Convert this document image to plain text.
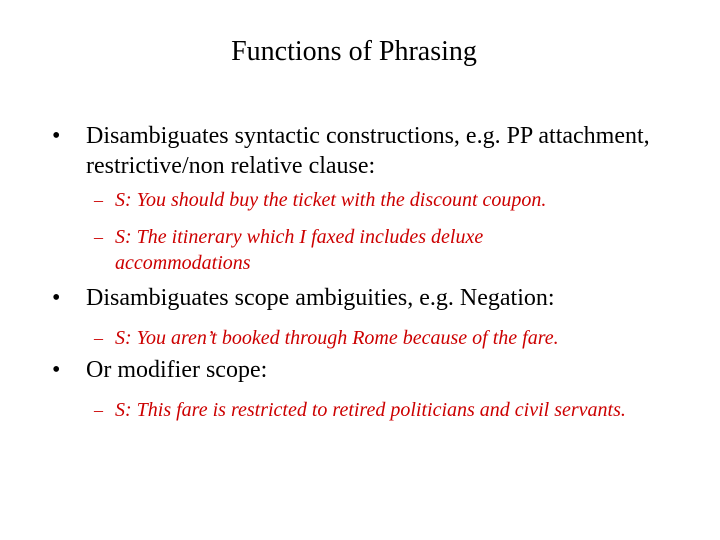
Functions of Phrasing
• Disambiguates syntactic constructions, e.g. PP attachment, restrictive/non relative clause:
– S: You should buy the ticket with the discount coupon.
– S: The itinerary which I faxed includes deluxe accommodations
• Disambiguates scope ambiguities, e.g. Negation:
– S: You aren’t booked through Rome because of the fare.
• Or modifier scope:
– S: This fare is restricted to retired politicians and civil servants.
